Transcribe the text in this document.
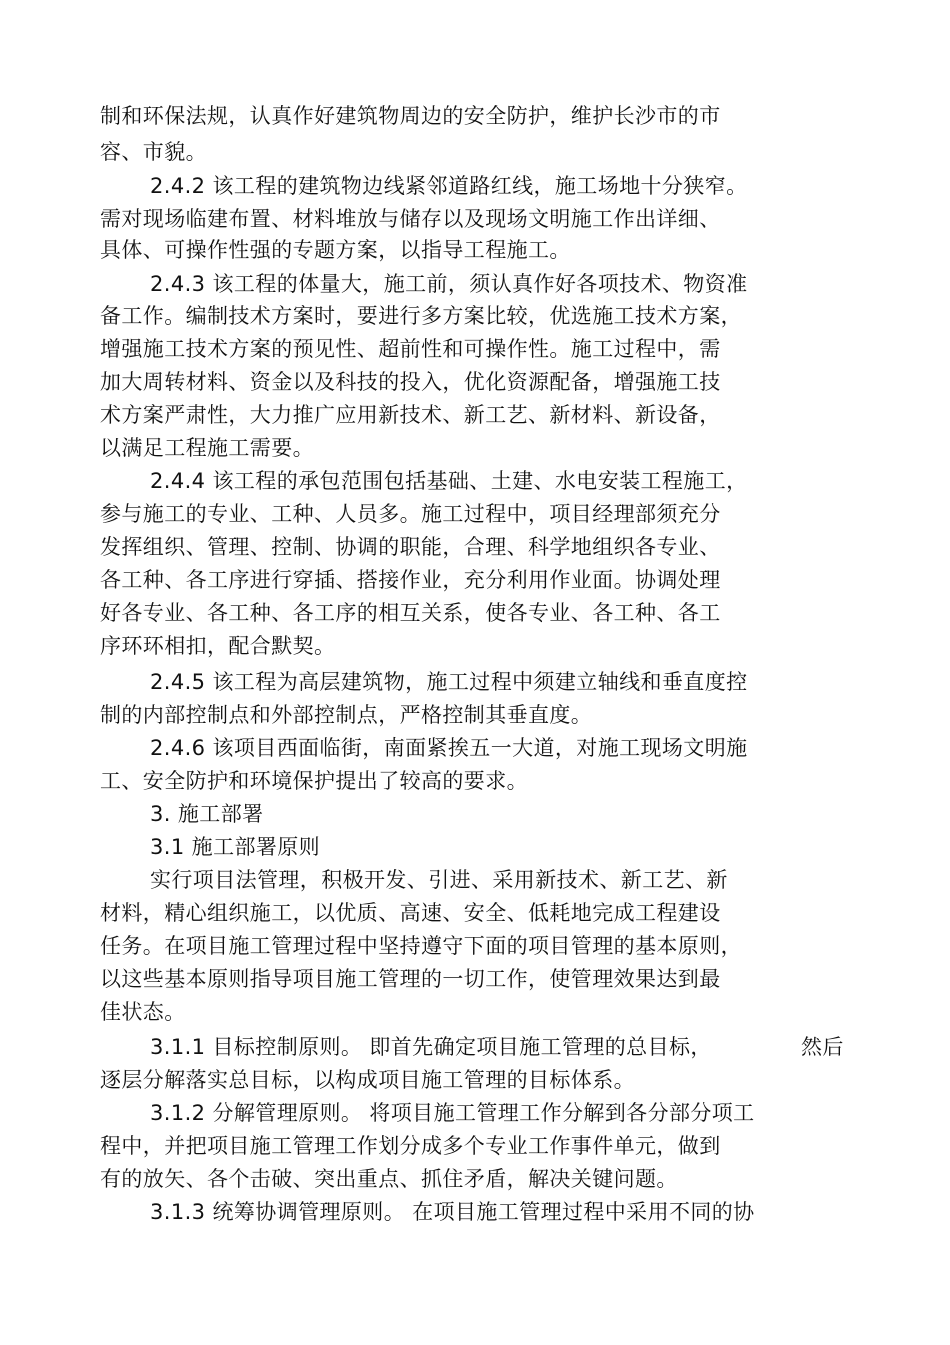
制和环保法规，认真作好建筑物周边的安全防护，维护长沙市的市
容、市貌。
2.4.2 该工程的建筑物边线紧邻道路红线，施工场地十分狭窄。
需对现场临建布置、材料堆放与储存以及现场文明施工作出详细、
具体、可操作性强的专题方案，以指导工程施工。
2.4.3 该工程的体量大，施工前，须认真作好各项技术、物资准
备工作。编制技术方案时，要进行多方案比较，优选施工技术方案，
增强施工技术方案的预见性、超前性和可操作性。施工过程中，需
加大周转材料、资金以及科技的投入，优化资源配备，增强施工技
术方案严肃性，大力推广应用新技术、新工艺、新材料、新设备，
以满足工程施工需要。
2.4.4 该工程的承包范围包括基础、土建、水电安装工程施工，
参与施工的专业、工种、人员多。施工过程中，项目经理部须充分
发挥组织、管理、控制、协调的职能，合理、科学地组织各专业、
各工种、各工序进行穿插、搭接作业，充分利用作业面。协调处理
好各专业、各工种、各工序的相互关系，使各专业、各工种、各工
序环环相扣，配合默契。
2.4.5 该工程为高层建筑物，施工过程中须建立轴线和垂直度控
制的内部控制点和外部控制点，严格控制其垂直度。
2.4.6 该项目西面临街，南面紧挨五一大道，对施工现场文明施
工、安全防护和环境保护提出了较高的要求。
3. 施工部署
3.1 施工部署原则
实行项目法管理，积极开发、引进、采用新技术、新工艺、新
材料，精心组织施工，以优质、高速、安全、低耗地完成工程建设
任务。在项目施工管理过程中坚持遵守下面的项目管理的基本原则，
以这些基本原则指导项目施工管理的一切工作，使管理效果达到最
佳状态。
3.1.1 目标控制原则。 即首先确定项目施工管理的总目标，	然后
逐层分解落实总目标，以构成项目施工管理的目标体系。
3.1.2 分解管理原则。 将项目施工管理工作分解到各分部分项工
程中，并把项目施工管理工作划分成多个专业工作事件单元，做到
有的放矢、各个击破、突出重点、抓住矛盾，解决关键问题。
3.1.3 统筹协调管理原则。 在项目施工管理过程中采用不同的协
